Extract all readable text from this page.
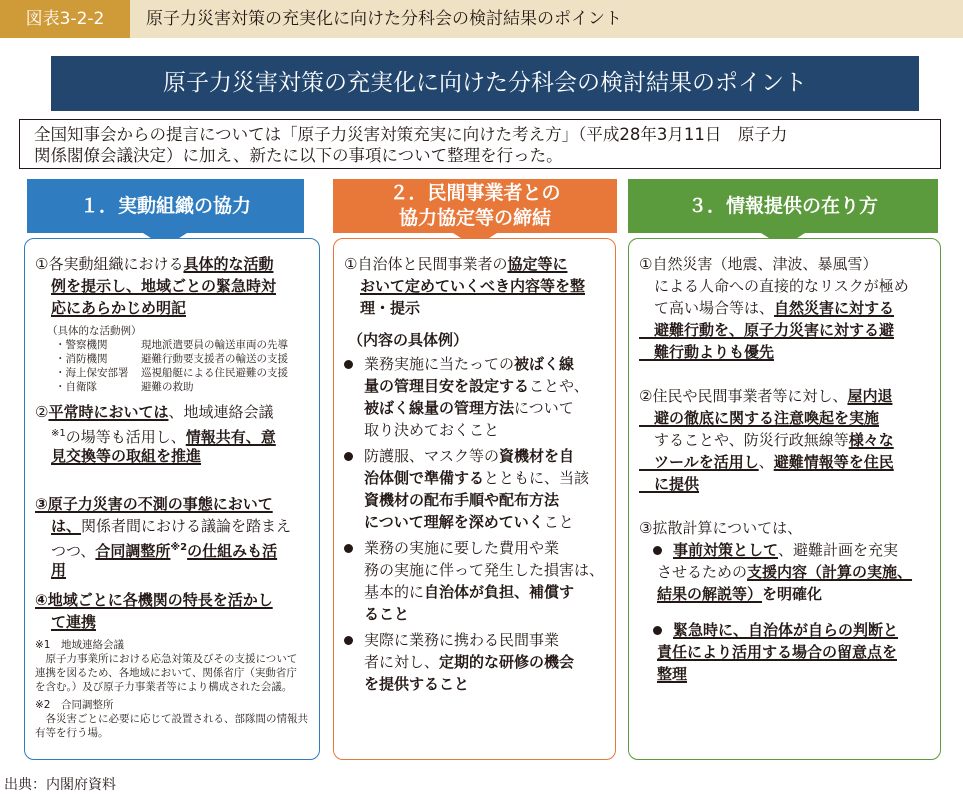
図表3-2-2	原子力災害対策の充実化に向けた分科会の検討結果のポイント
原子力災害対策の充実化に向けた分科会の検討結果のポイント
全国知事会からの提言については「原子力災害対策充実に向けた考え方」（平成28年3月11日　原子力
関係閣僚会議決定）に加え、新たに以下の事項について整理を行った。
１．実動組織の協力
２．民間事業者との
協力協定等の締結
３．情報提供の在り方
①各実動組織における具体的な活動
例を提示し、地域ごとの緊急時対
応にあらかじめ明記
（具体的な活動例）
・警察機関	現地派遣要員の輸送車両の先導
・消防機関	避難行動要支援者の輸送の支援
・海上保安部署 巡視船艇による住民避難の支援
・自衛隊	避難の救助
②平常時においては、地域連絡会議
$^{※1}$の場等も活用し、情報共有、意
見交換等の取組を推進
③原子力災害の不測の事態において
は、関係者間における議論を踏まえ
つつ、合同調整所$^{※2}$の仕組みも活
用
④地域ごとに各機関の特長を活かし
て連携
※1　地域連絡会議
　原子力事業所における応急対策及びその支援について
連携を図るため、各地域において、関係省庁（実動省庁
を含む。）及び原子力事業者等により構成された会議。
※2　合同調整所
　各災害ごとに必要に応じて設置される、部隊間の情報共
有等を行う場。
①自治体と民間事業者の協定等に
おいて定めていくべき内容等を整
理・提示
（内容の具体例）
業務実施に当たっての被ばく線
量の管理目安を設定することや、
被ばく線量の管理方法について
取り決めておくこと
防護服、マスク等の資機材を自
治体側で準備するとともに、当該
資機材の配布手順や配布方法
について理解を深めていくこと
業務の実施に要した費用や業
務の実施に伴って発生した損害は、
基本的に自治体が負担、補償す
ること
実際に業務に携わる民間事業
者に対し、定期的な研修の機会
を提供すること
①自然災害（地震、津波、暴風雪）
　による人命への直接的なリスクが極め
　て高い場合等は、自然災害に対する
　避難行動を、原子力災害に対する避
　難行動よりも優先
②住民や民間事業者等に対し、屋内退
　避の徹底に関する注意喚起を実施
　することや、防災行政無線等様々な
　ツールを活用し、避難情報等を住民
　に提供
③拡散計算については、
事前対策として、避難計画を充実
させるための支援内容（計算の実施、
結果の解説等）を明確化
緊急時に、自治体が自らの判断と
責任により活用する場合の留意点を
整理
出典：内閣府資料
